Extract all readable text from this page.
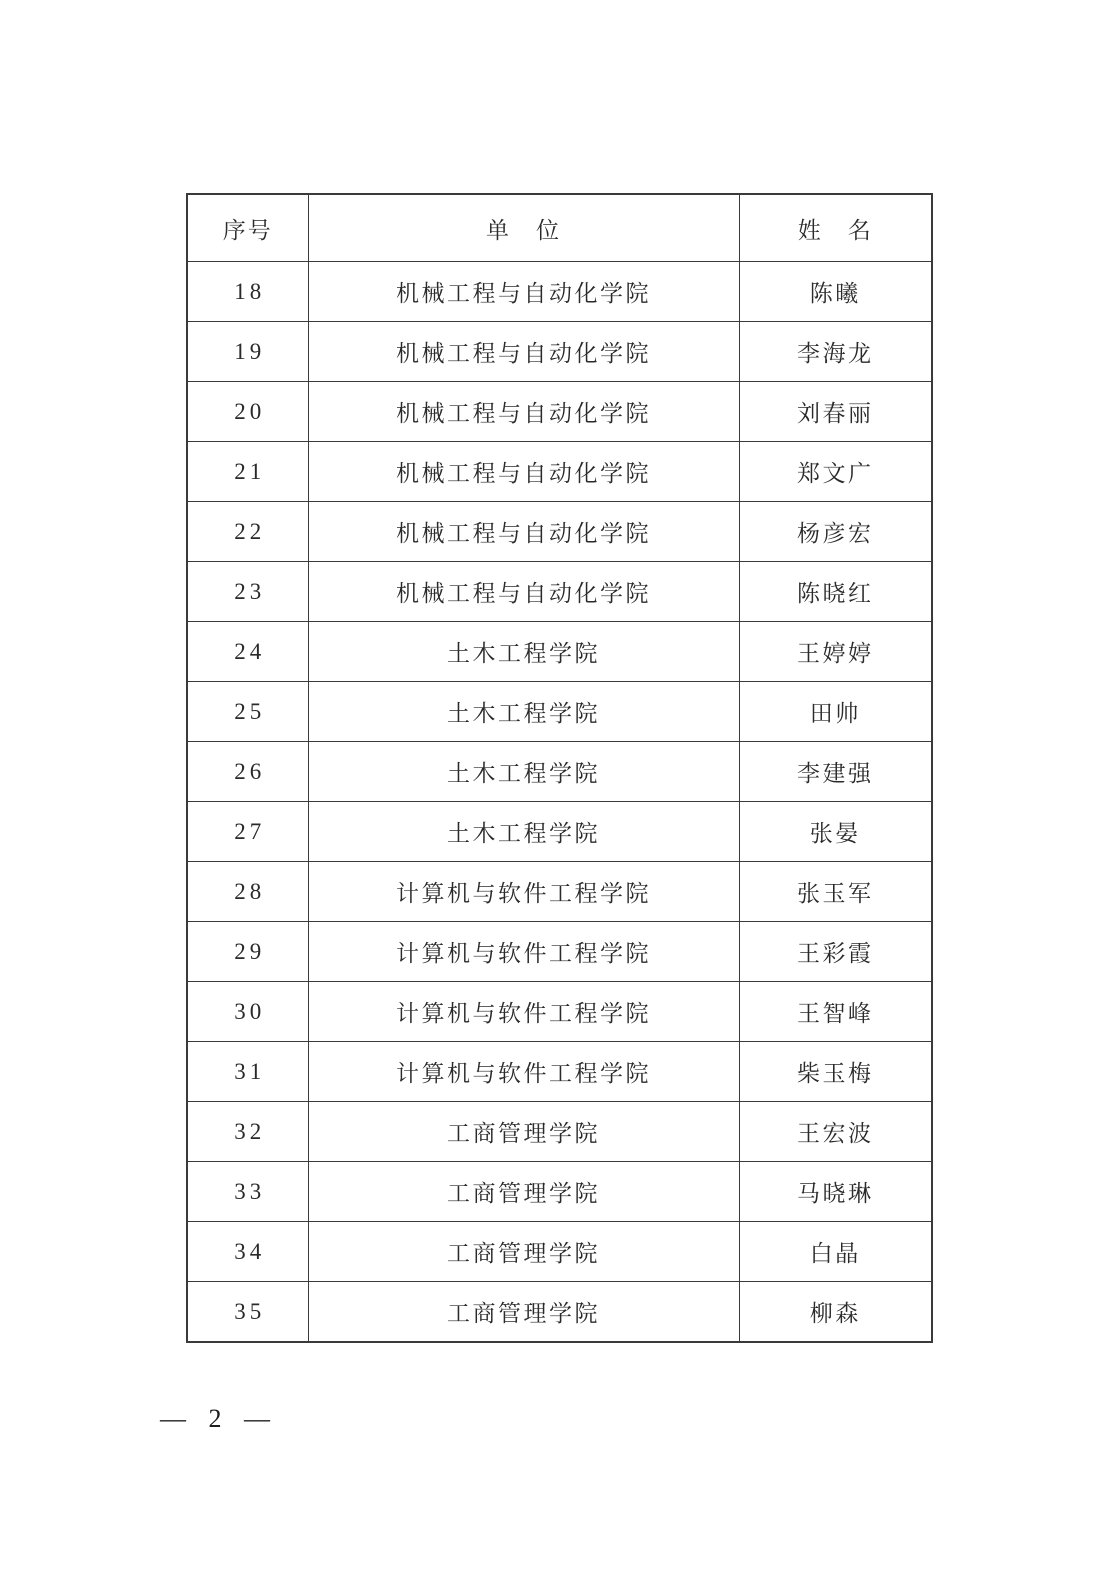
序号	单　位	姓　名
18	机械工程与自动化学院	陈曦
19	机械工程与自动化学院	李海龙
20	机械工程与自动化学院	刘春丽
21	机械工程与自动化学院	郑文广
22	机械工程与自动化学院	杨彦宏
23	机械工程与自动化学院	陈晓红
24	土木工程学院	王婷婷
25	土木工程学院	田帅
26	土木工程学院	李建强
27	土木工程学院	张晏
28	计算机与软件工程学院	张玉军
29	计算机与软件工程学院	王彩霞
30	计算机与软件工程学院	王智峰
31	计算机与软件工程学院	柴玉梅
32	工商管理学院	王宏波
33	工商管理学院	马晓琳
34	工商管理学院	白晶
35	工商管理学院	柳森
— 2 —
